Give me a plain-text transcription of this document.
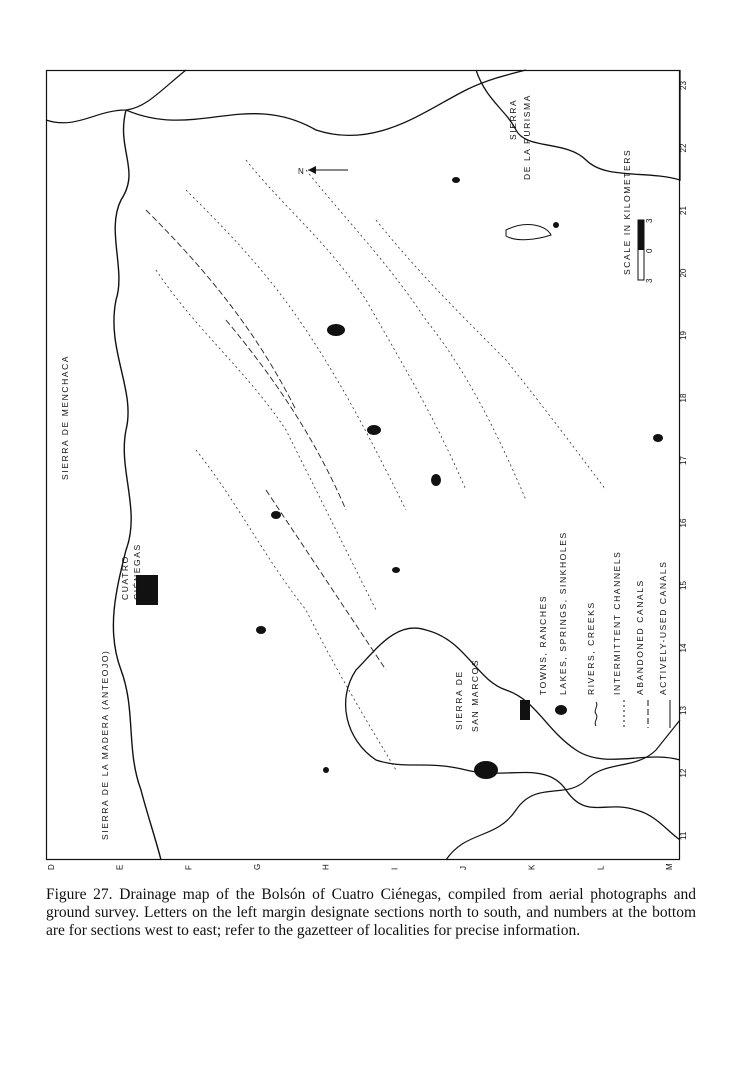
N
SIERRA DE LA MADERA (ANTEOJO)
SIERRA DE MENCHACA
SIERRA DE LA PURISMA
SIERRA DE SAN MARCOS
CUATRO CIÉNEGAS
TOWNS, RANCHES LAKES, SPRINGS, SINKHOLES RIVERS, CREEKS INTERMITTENT CHANNELS ABANDONED CANALS ACTIVELY-USED CANALS
SCALE IN KILOMETERS
3
0
3
D	E	F	G	H	I	J	K	L	M
11
12
13
14
15
16
17
18
19
20
21
22
23
Figure 27. Drainage map of the Bolsón of Cuatro Ciénegas, compiled from aerial photographs and ground survey. Letters on the left margin designate sections north to south, and numbers at the bottom are for sections west to east; refer to the gazetteer of localities for precise information.
